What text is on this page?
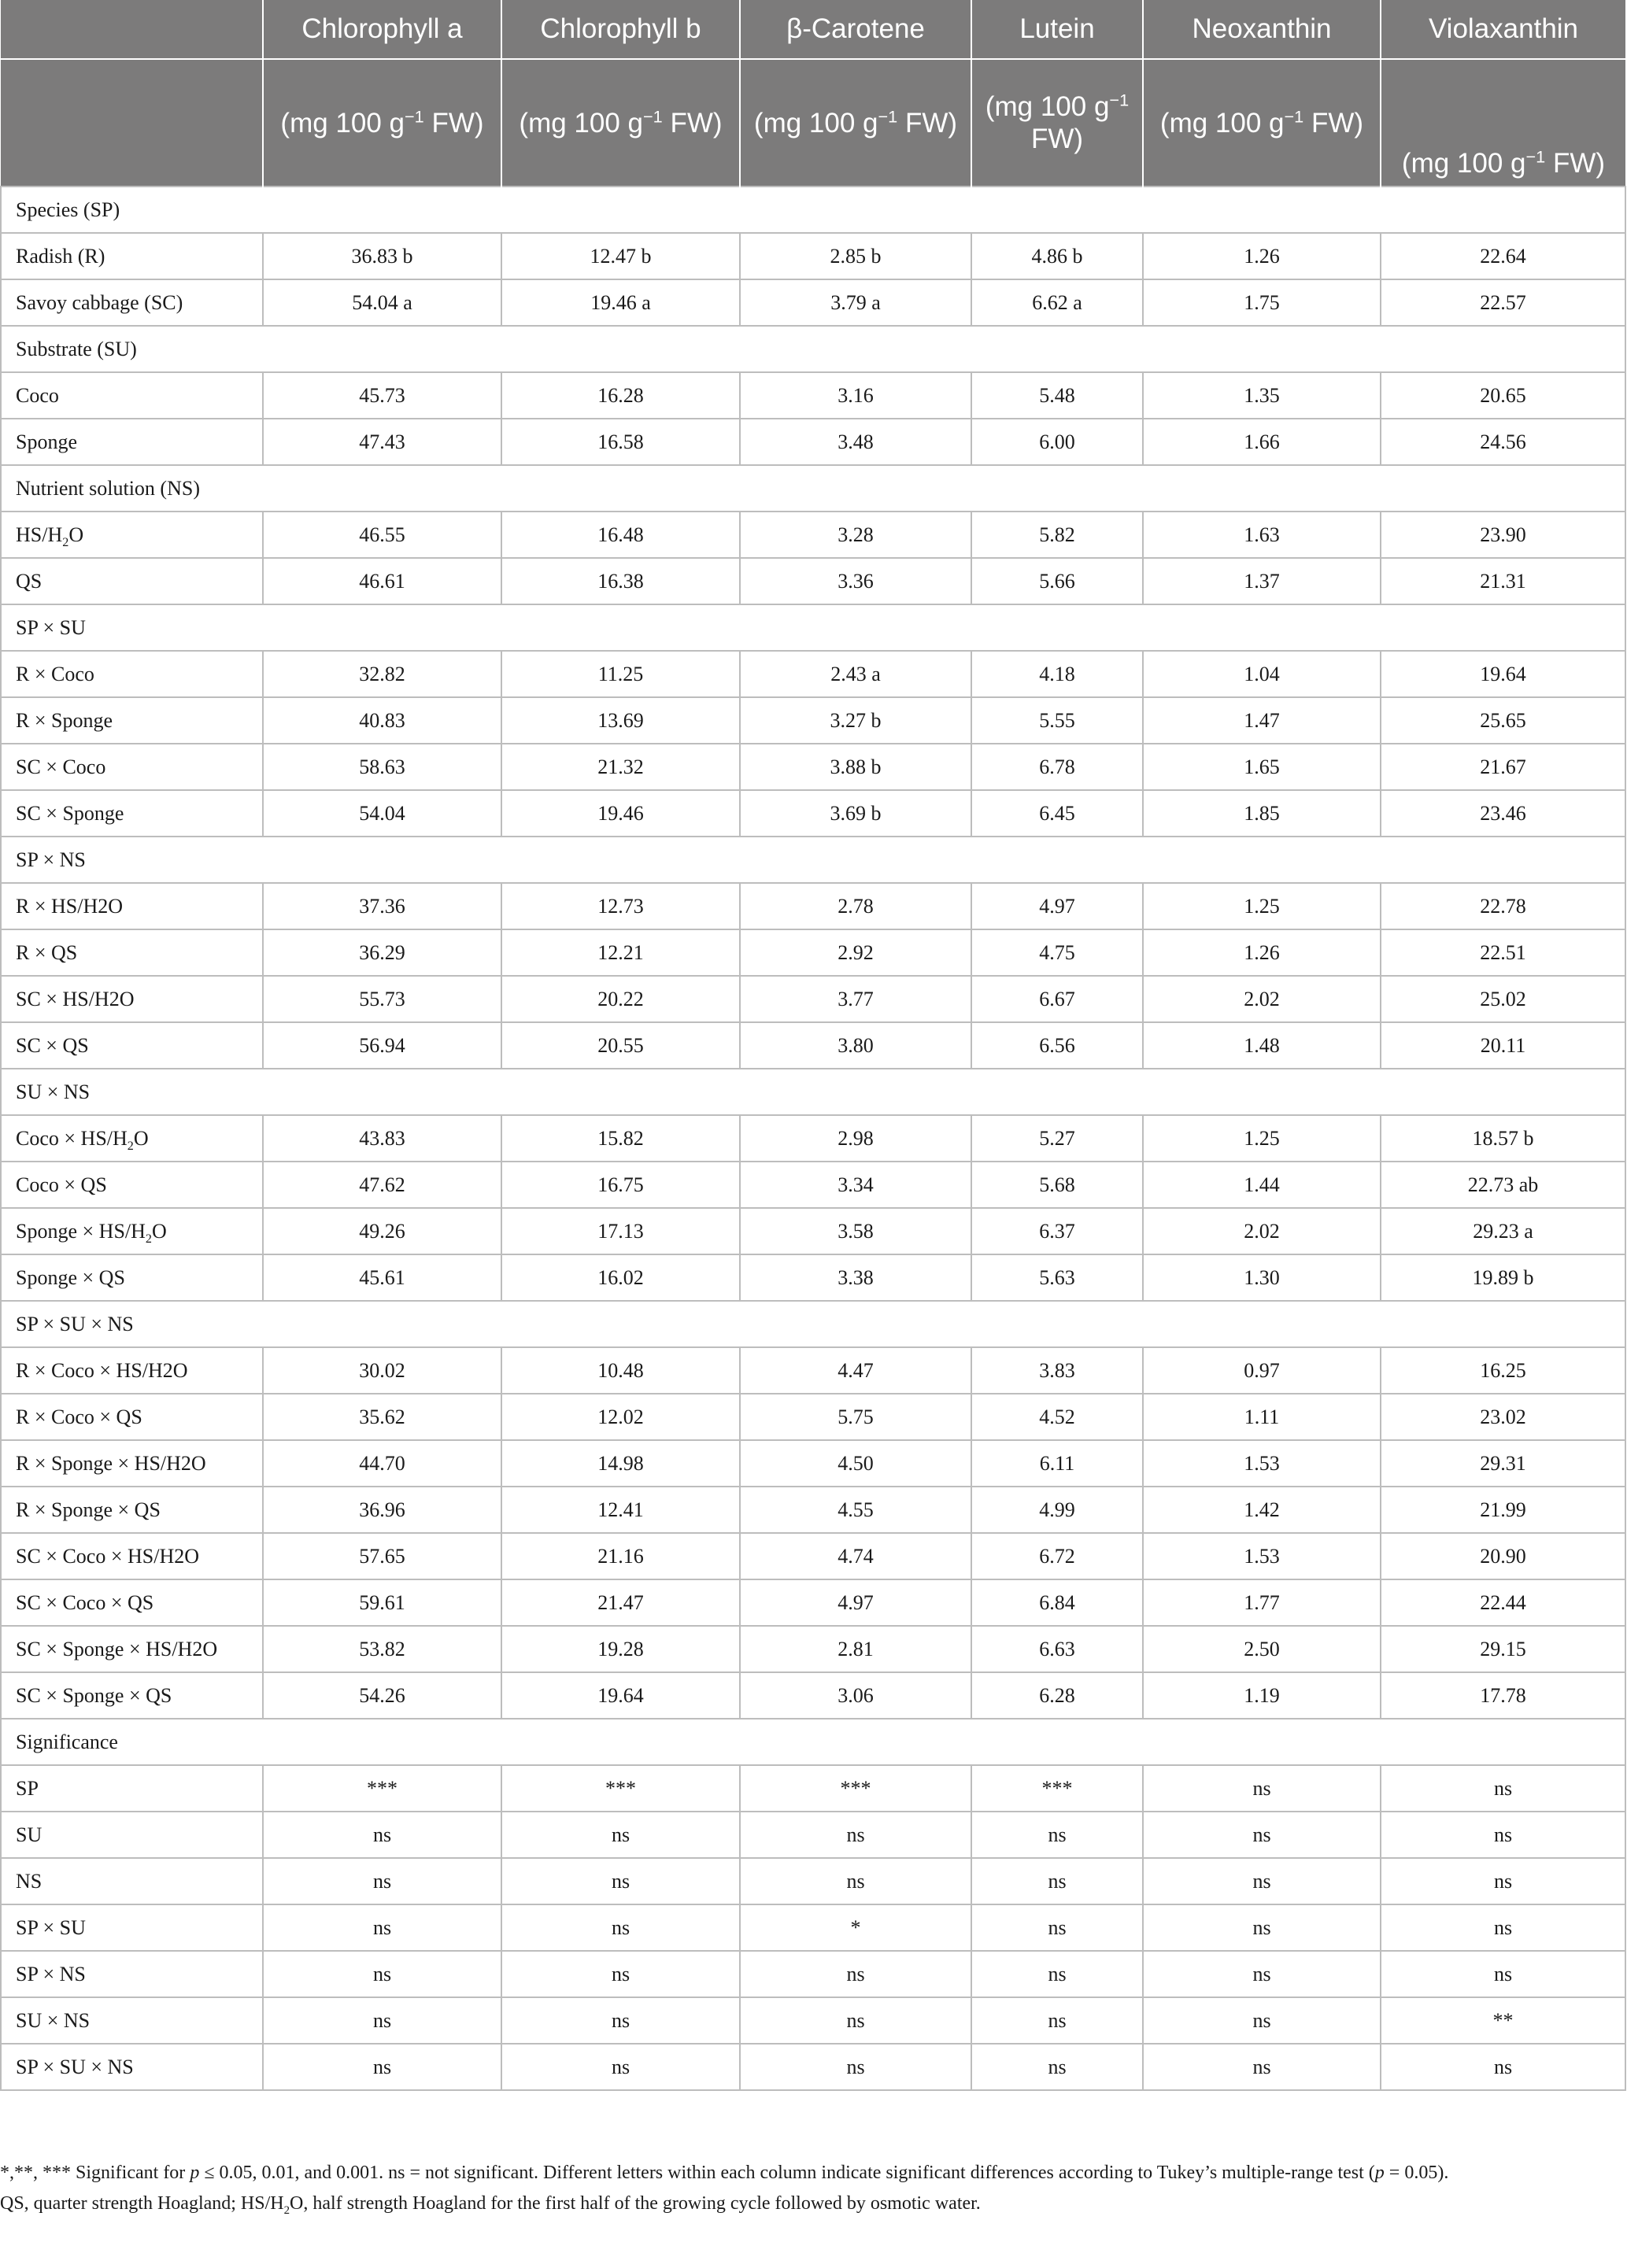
	Chlorophyll a	Chlorophyll b	β-Carotene	Lutein	Neoxanthin	Violaxanthin
	(mg 100 $g^{-1}$ FW)	(mg 100 $g^{-1}$ FW)	(mg 100 $g^{-1}$ FW)	(mg 100 $g^{-1}$ FW)	(mg 100 $g^{-1}$ FW)	(mg 100 $g^{-1}$ FW)
Species (SP)						
Radish (R)	36.83 b	12.47 b	2.85 b	4.86 b	1.26	22.64
Savoy cabbage (SC)	54.04 a	19.46 a	3.79 a	6.62 a	1.75	22.57
Substrate (SU)						
Coco	45.73	16.28	3.16	5.48	1.35	20.65
Sponge	47.43	16.58	3.48	6.00	1.66	24.56
Nutrient solution (NS)						
$HS/H_2O$	46.55	16.48	3.28	5.82	1.63	23.90
QS	46.61	16.38	3.36	5.66	1.37	21.31
SP × SU						
R × Coco	32.82	11.25	2.43 a	4.18	1.04	19.64
R × Sponge	40.83	13.69	3.27 b	5.55	1.47	25.65
SC × Coco	58.63	21.32	3.88 b	6.78	1.65	21.67
SC × Sponge	54.04	19.46	3.69 b	6.45	1.85	23.46
SP × NS						
R × HS/H2O	37.36	12.73	2.78	4.97	1.25	22.78
R × QS	36.29	12.21	2.92	4.75	1.26	22.51
SC × HS/H2O	55.73	20.22	3.77	6.67	2.02	25.02
SC × QS	56.94	20.55	3.80	6.56	1.48	20.11
SU × NS						
Coco × $HS/H_2O$	43.83	15.82	2.98	5.27	1.25	18.57 b
Coco × QS	47.62	16.75	3.34	5.68	1.44	22.73 ab
Sponge × $HS/H_2O$	49.26	17.13	3.58	6.37	2.02	29.23 a
Sponge × QS	45.61	16.02	3.38	5.63	1.30	19.89 b
SP × SU × NS						
R × Coco × HS/H2O	30.02	10.48	4.47	3.83	0.97	16.25
R × Coco × QS	35.62	12.02	5.75	4.52	1.11	23.02
R × Sponge × HS/H2O	44.70	14.98	4.50	6.11	1.53	29.31
R × Sponge × QS	36.96	12.41	4.55	4.99	1.42	21.99
SC × Coco × HS/H2O	57.65	21.16	4.74	6.72	1.53	20.90
SC × Coco × QS	59.61	21.47	4.97	6.84	1.77	22.44
SC × Sponge × HS/H2O	53.82	19.28	2.81	6.63	2.50	29.15
SC × Sponge × QS	54.26	19.64	3.06	6.28	1.19	17.78
Significance						
SP	***	***	***	***	ns	ns
SU	ns	ns	ns	ns	ns	ns
NS	ns	ns	ns	ns	ns	ns
SP × SU	ns	ns	*	ns	ns	ns
SP × NS	ns	ns	ns	ns	ns	ns
SU × NS	ns	ns	ns	ns	ns	**
SP × SU × NS	ns	ns	ns	ns	ns	ns

*,**, *** Significant for p ≤ 0.05, 0.01, and 0.001. ns = not significant. Different letters within each column indicate significant differences according to Tukey’s multiple-range test (p = 0.05).

QS, quarter strength Hoagland; $HS/H_2O$, half strength Hoagland for the first half of the growing cycle followed by osmotic water.
